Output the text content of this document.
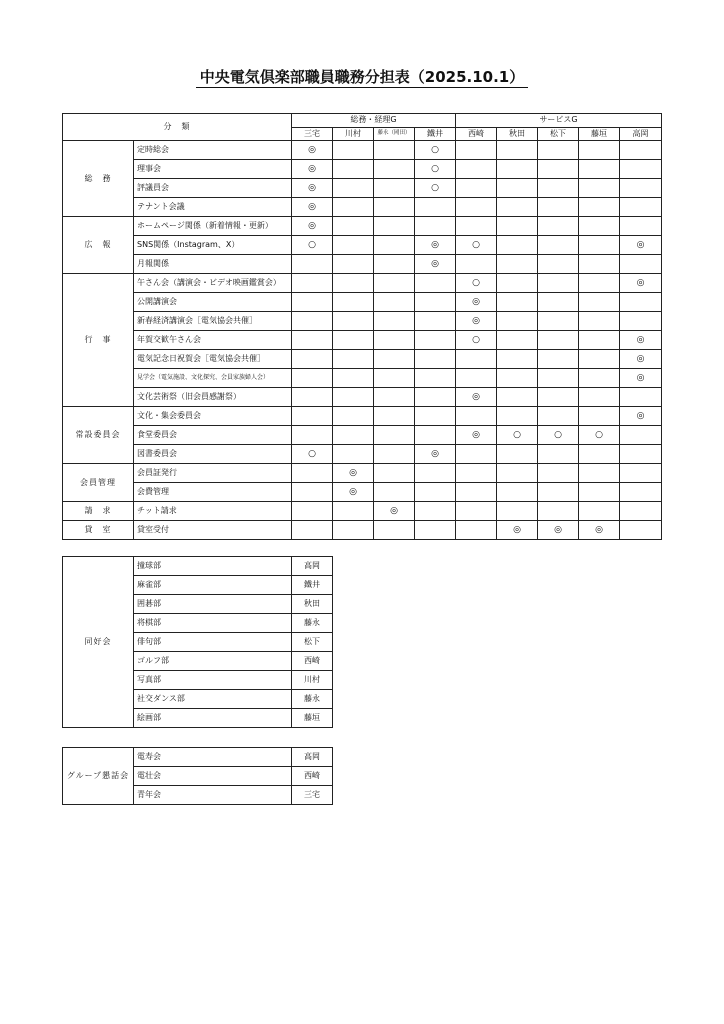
中央電気倶楽部職員職務分担表（2025.10.1）
分　類		総務・経理G				サービスG				
		三宅	川村	藤永（岡田）	鐵井	西崎	秋田	松下	藤垣	高岡
総　務	定時総会	◎			○					
	理事会	◎			○					
	評議員会	◎			○					
	テナント会議	◎								
広　報	ホームページ関係（新着情報・更新）	◎								
	SNS関係（Instagram、X）	○			◎	○				◎
	月報関係				◎					
行　事	午さん会（講演会・ビデオ映画鑑賞会）					○				◎
	公開講演会					◎				
	新春経済講演会［電気協会共催］					◎				
	年賀交歓午さん会					○				◎
	電気記念日祝賀会［電気協会共催］									◎
	見学会（電気施設、文化探究、会員家族婦人会）									◎
	文化芸術祭（旧会員感謝祭）					◎				
常設委員会	文化・集会委員会									◎
	食堂委員会					◎	○	○	○	
	図書委員会	○			◎					
会員管理	会員証発行		◎							
	会費管理		◎							
請　求	チット請求			◎						
貸　室	貸室受付						◎	◎	◎	
同好会	撞球部	高岡
	麻雀部	鐵井
	囲碁部	秋田
	将棋部	藤永
	俳句部	松下
	ゴルフ部	西崎
	写真部	川村
	社交ダンス部	藤永
	絵画部	藤垣
グループ懇話会	電寿会	高岡
	電壮会	西崎
	青年会	三宅
